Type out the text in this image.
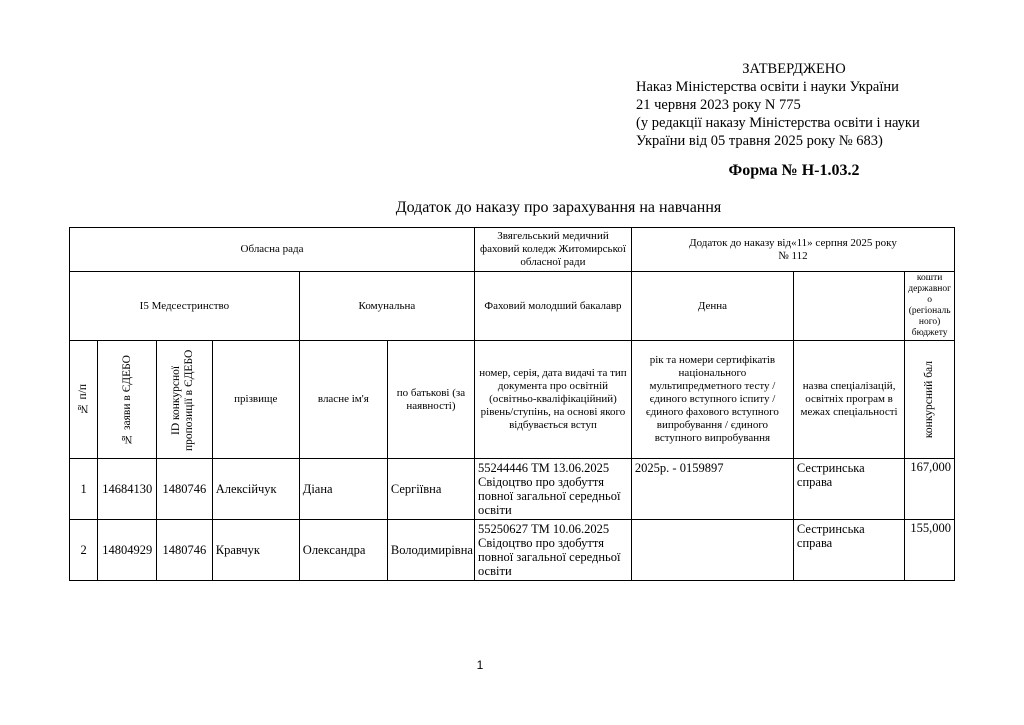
ЗАТВЕРДЖЕНО
Наказ Міністерства освіти і науки України
21 червня 2023 року N 775
(у редакції наказу Міністерства освіти і науки
України від 05 травня 2025 року № 683)
Форма № Н-1.03.2
Додаток до наказу про зарахування на навчання
Обласна рада						Звягельський медичний фаховий коледж Житомирської обласної ради	Додаток до наказу від«11» серпня 2025 року
№ 112		

I5 Медсестринство				Комунальна		Фаховий молодший бакалавр	Денна		кошти державног о (регіональ ного) бюджету

№ п/п	№ заяви в ЄДЕБО	ID конкурсної пропозиції в ЄДЕБО	прізвище	власне ім'я	по батькові (за наявності)	номер, серія, дата видачі та тип документа про освітній (освітньо-кваліфікаційний) рівень/ступінь, на основі якого відбувається вступ	рік та номери сертифікатів національного мультипредметного тесту / єдиного вступного іспиту / єдиного фахового вступного випробування / єдиного вступного випробування	назва спеціалізацій, освітніх програм в межах спеціальності	конкурсний бал

1	14684130	1480746	Алексійчук	Діана	Сергіївна	55244446 ТМ 13.06.2025 Свідоцтво про здобуття повної загальної середньої освіти	2025р. - 0159897	Сестринська справа	167,000
2	14804929	1480746	Кравчук	Олександра	Володимирівна	55250627 ТМ 10.06.2025 Свідоцтво про здобуття повної загальної середньої освіти		Сестринська справа	155,000
1
